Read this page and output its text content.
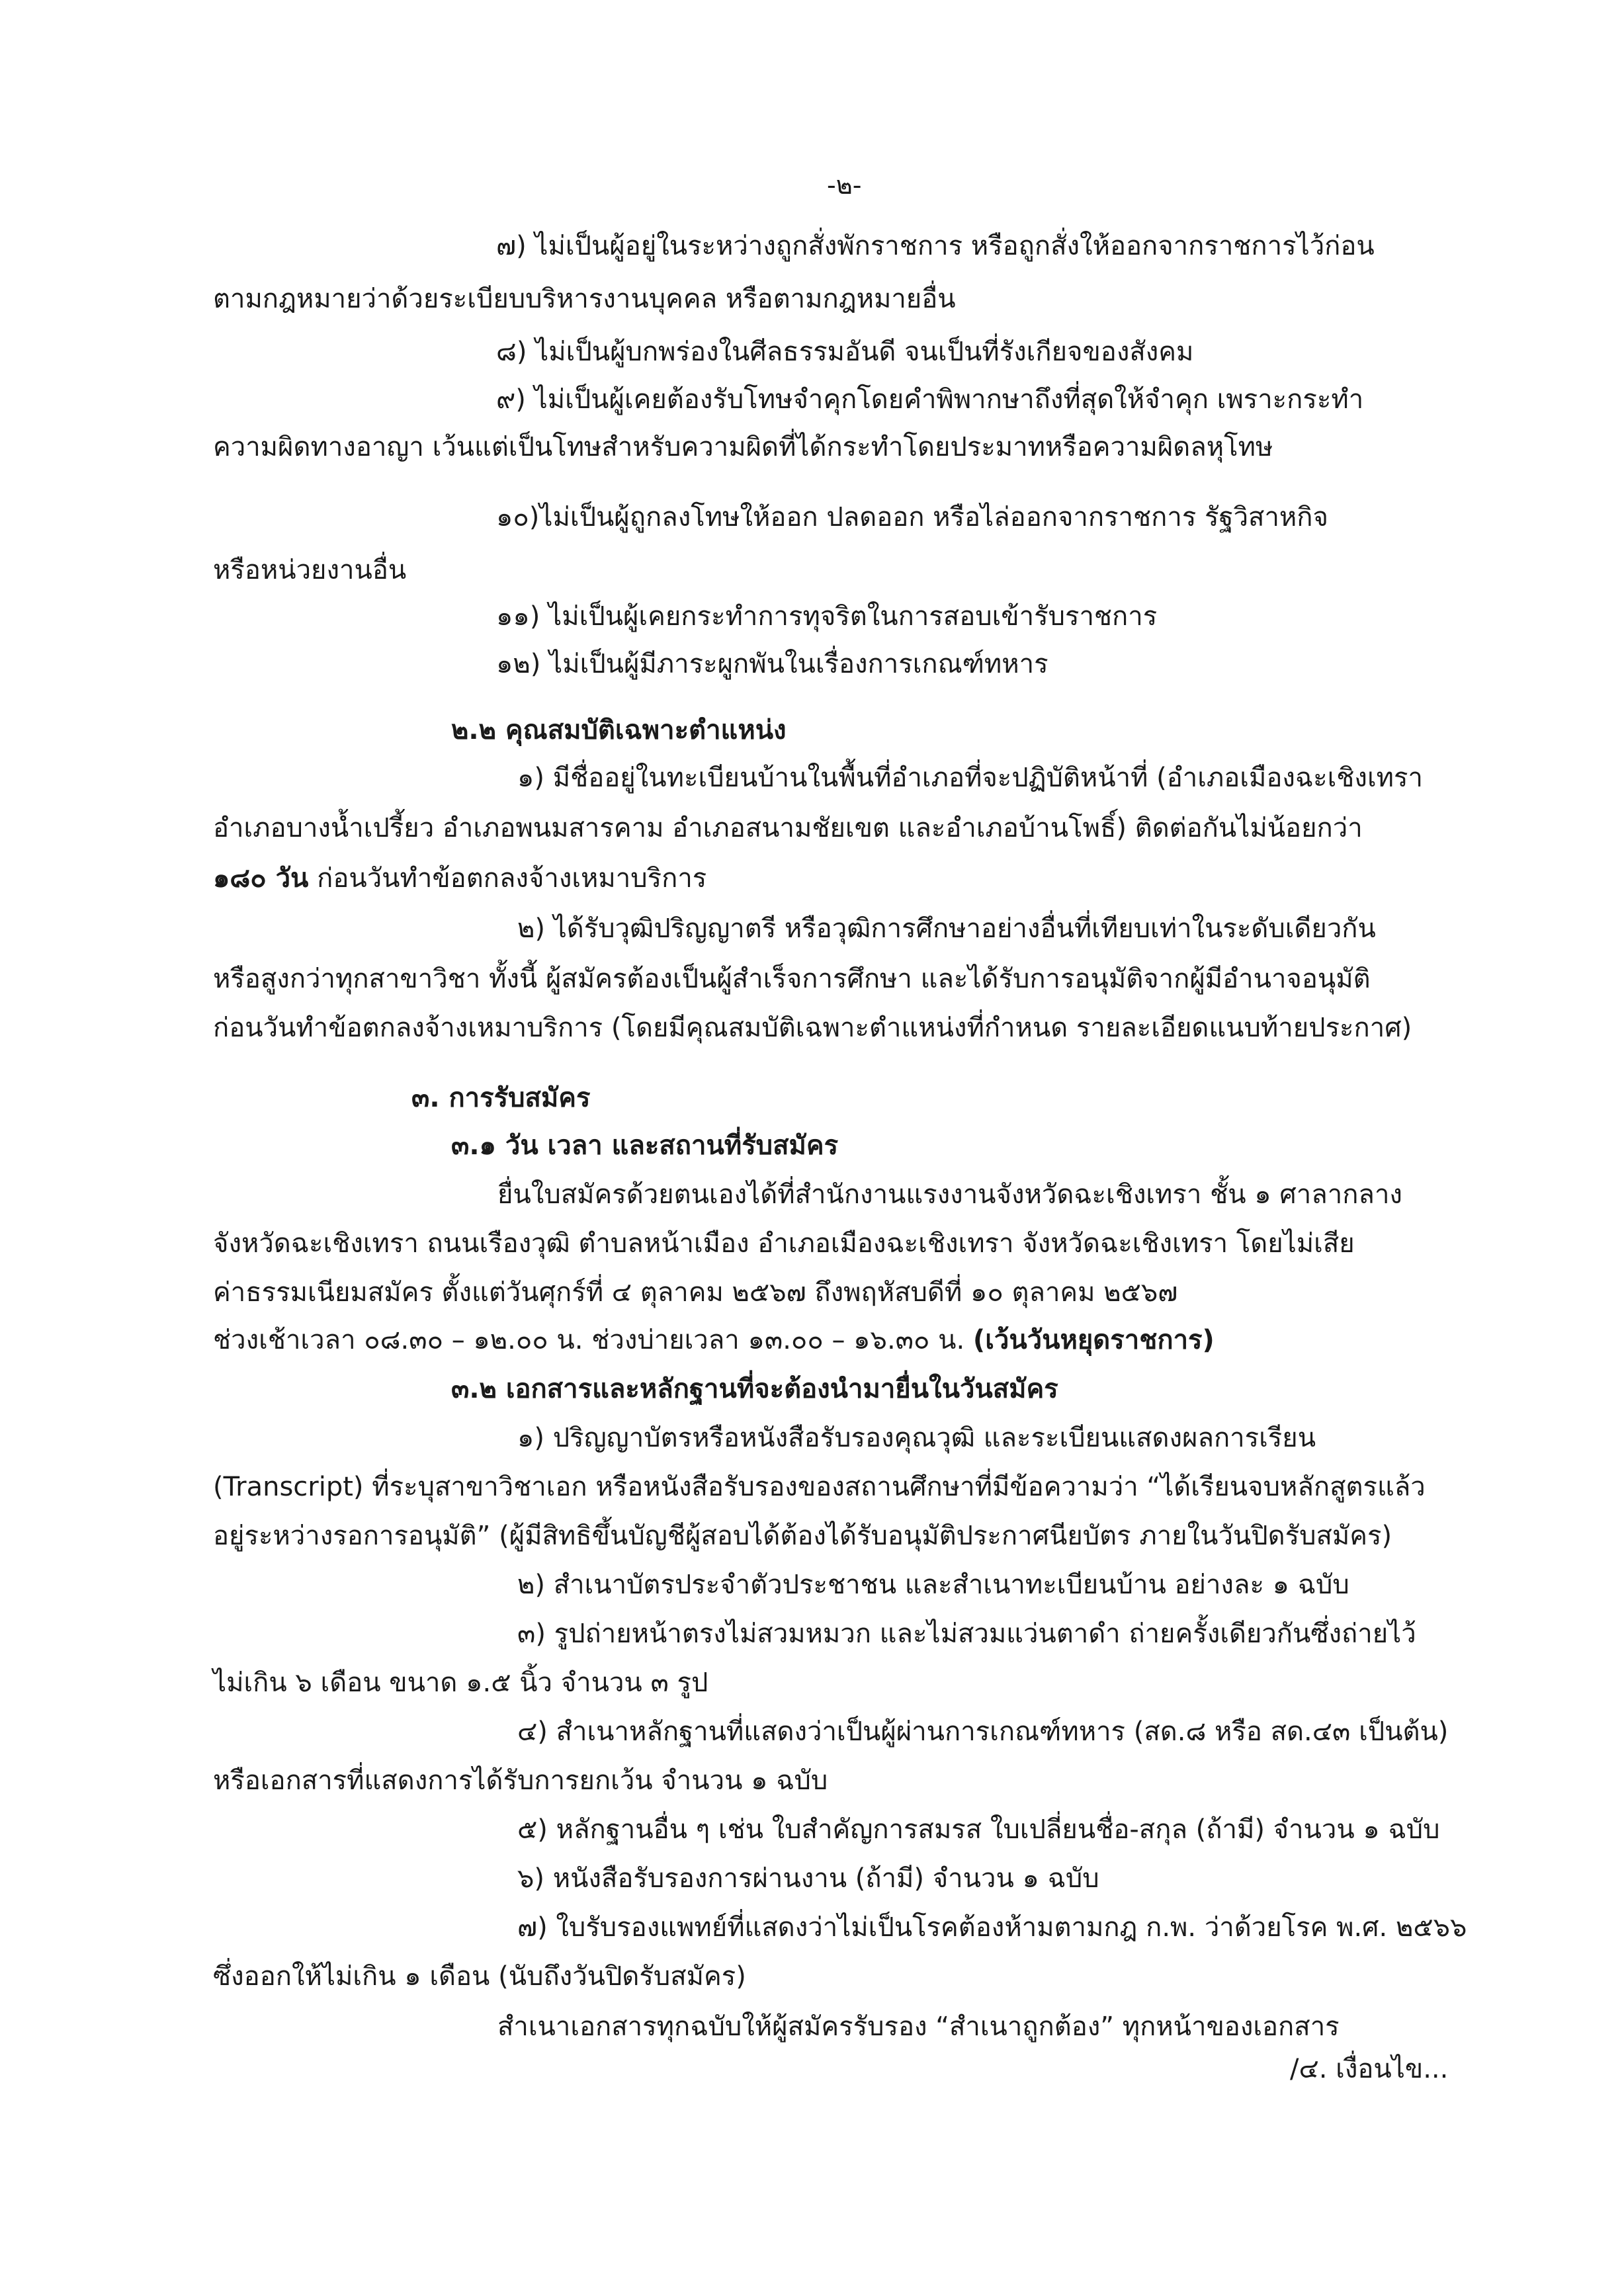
-๒-
๗) ไม่เป็นผู้อยู่ในระหว่างถูกสั่งพักราชการ หรือถูกสั่งให้ออกจากราชการไว้ก่อน
ตามกฎหมายว่าด้วยระเบียบบริหารงานบุคคล หรือตามกฎหมายอื่น
๘) ไม่เป็นผู้บกพร่องในศีลธรรมอันดี จนเป็นที่รังเกียจของสังคม
๙) ไม่เป็นผู้เคยต้องรับโทษจำคุกโดยคำพิพากษาถึงที่สุดให้จำคุก เพราะกระทำ
ความผิดทางอาญา เว้นแต่เป็นโทษสำหรับความผิดที่ได้กระทำโดยประมาทหรือความผิดลหุโทษ
๑๐)ไม่เป็นผู้ถูกลงโทษให้ออก ปลดออก หรือไล่ออกจากราชการ รัฐวิสาหกิจ
หรือหน่วยงานอื่น
๑๑) ไม่เป็นผู้เคยกระทำการทุจริตในการสอบเข้ารับราชการ
๑๒) ไม่เป็นผู้มีภาระผูกพันในเรื่องการเกณฑ์ทหาร
๒.๒ คุณสมบัติเฉพาะตำแหน่ง
๑) มีชื่ออยู่ในทะเบียนบ้านในพื้นที่อำเภอที่จะปฏิบัติหน้าที่ (อำเภอเมืองฉะเชิงเทรา
อำเภอบางน้ำเปรี้ยว อำเภอพนมสารคาม อำเภอสนามชัยเขต และอำเภอบ้านโพธิ์) ติดต่อกันไม่น้อยกว่า
๑๘๐ วัน ก่อนวันทำข้อตกลงจ้างเหมาบริการ
๒) ได้รับวุฒิปริญญาตรี หรือวุฒิการศึกษาอย่างอื่นที่เทียบเท่าในระดับเดียวกัน
หรือสูงกว่าทุกสาขาวิชา ทั้งนี้ ผู้สมัครต้องเป็นผู้สำเร็จการศึกษา และได้รับการอนุมัติจากผู้มีอำนาจอนุมัติ
ก่อนวันทำข้อตกลงจ้างเหมาบริการ (โดยมีคุณสมบัติเฉพาะตำแหน่งที่กำหนด รายละเอียดแนบท้ายประกาศ)
๓. การรับสมัคร
๓.๑ วัน เวลา และสถานที่รับสมัคร
ยื่นใบสมัครด้วยตนเองได้ที่สำนักงานแรงงานจังหวัดฉะเชิงเทรา ชั้น ๑ ศาลากลาง
จังหวัดฉะเชิงเทรา ถนนเรืองวุฒิ ตำบลหน้าเมือง อำเภอเมืองฉะเชิงเทรา จังหวัดฉะเชิงเทรา โดยไม่เสีย
ค่าธรรมเนียมสมัคร ตั้งแต่วันศุกร์ที่ ๔ ตุลาคม ๒๕๖๗ ถึงพฤหัสบดีที่ ๑๐ ตุลาคม ๒๕๖๗
ช่วงเช้าเวลา ๐๘.๓๐ – ๑๒.๐๐ น. ช่วงบ่ายเวลา ๑๓.๐๐ – ๑๖.๓๐ น. (เว้นวันหยุดราชการ)
๓.๒ เอกสารและหลักฐานที่จะต้องนำมายื่นในวันสมัคร
๑) ปริญญาบัตรหรือหนังสือรับรองคุณวุฒิ และระเบียนแสดงผลการเรียน
(Transcript) ที่ระบุสาขาวิชาเอก หรือหนังสือรับรองของสถานศึกษาที่มีข้อความว่า “ได้เรียนจบหลักสูตรแล้ว
อยู่ระหว่างรอการอนุมัติ” (ผู้มีสิทธิขึ้นบัญชีผู้สอบได้ต้องได้รับอนุมัติประกาศนียบัตร ภายในวันปิดรับสมัคร)
๒) สำเนาบัตรประจำตัวประชาชน และสำเนาทะเบียนบ้าน อย่างละ ๑ ฉบับ
๓) รูปถ่ายหน้าตรงไม่สวมหมวก และไม่สวมแว่นตาดำ ถ่ายครั้งเดียวกันซึ่งถ่ายไว้
ไม่เกิน ๖ เดือน ขนาด ๑.๕ นิ้ว จำนวน ๓ รูป
๔) สำเนาหลักฐานที่แสดงว่าเป็นผู้ผ่านการเกณฑ์ทหาร (สด.๘ หรือ สด.๔๓ เป็นต้น)
หรือเอกสารที่แสดงการได้รับการยกเว้น จำนวน ๑ ฉบับ
๕) หลักฐานอื่น ๆ เช่น ใบสำคัญการสมรส ใบเปลี่ยนชื่อ-สกุล (ถ้ามี) จำนวน ๑ ฉบับ
๖) หนังสือรับรองการผ่านงาน (ถ้ามี) จำนวน ๑ ฉบับ
๗) ใบรับรองแพทย์ที่แสดงว่าไม่เป็นโรคต้องห้ามตามกฎ ก.พ. ว่าด้วยโรค พ.ศ. ๒๕๖๖
ซึ่งออกให้ไม่เกิน ๑ เดือน (นับถึงวันปิดรับสมัคร)
สำเนาเอกสารทุกฉบับให้ผู้สมัครรับรอง “สำเนาถูกต้อง” ทุกหน้าของเอกสาร
/๔. เงื่อนไข...
